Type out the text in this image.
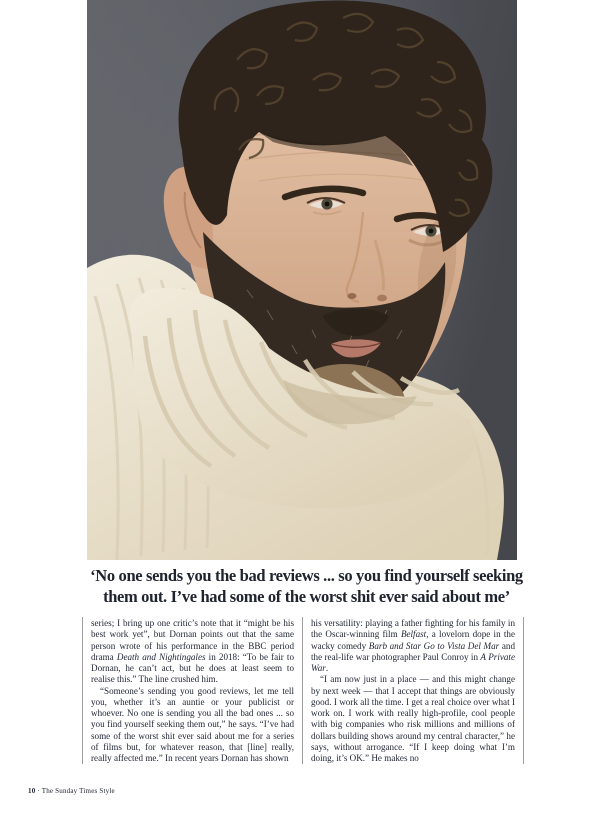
‘No one sends you the bad reviews ... so you find yourself seeking
them out. I’ve had some of the worst shit ever said about me’

series; I bring up one critic’s note that it “might be his best work yet”, but Dornan points out that the same person wrote of his performance in the BBC period drama Death and Nightingales in 2018: “To be fair to Dornan, he can’t act, but he does at least seem to realise this.” The line crushed him.

“Someone’s sending you good reviews, let me tell you, whether it’s an auntie or your publicist or whoever. No one is sending you all the bad ones ... so you find yourself seeking them out,” he says. “I’ve had some of the worst shit ever said about me for a series of films but, for whatever reason, that [line] really, really affected me.” In recent years Dornan has shown

his versatility: playing a father fighting for his family in the Oscar-winning film Belfast, a lovelorn dope in the wacky comedy Barb and Star Go to Vista Del Mar and the real-life war photographer Paul Conroy in A Private War.

“I am now just in a place — and this might change by next week — that I accept that things are obviously good. I work all the time. I get a real choice over what I work on. I work with really high-profile, cool people with big companies who risk millions and millions of dollars building shows around my central character,” he says, without arrogance. “If I keep doing what I’m doing, it’s OK.” He makes no

10 · The Sunday Times Style
